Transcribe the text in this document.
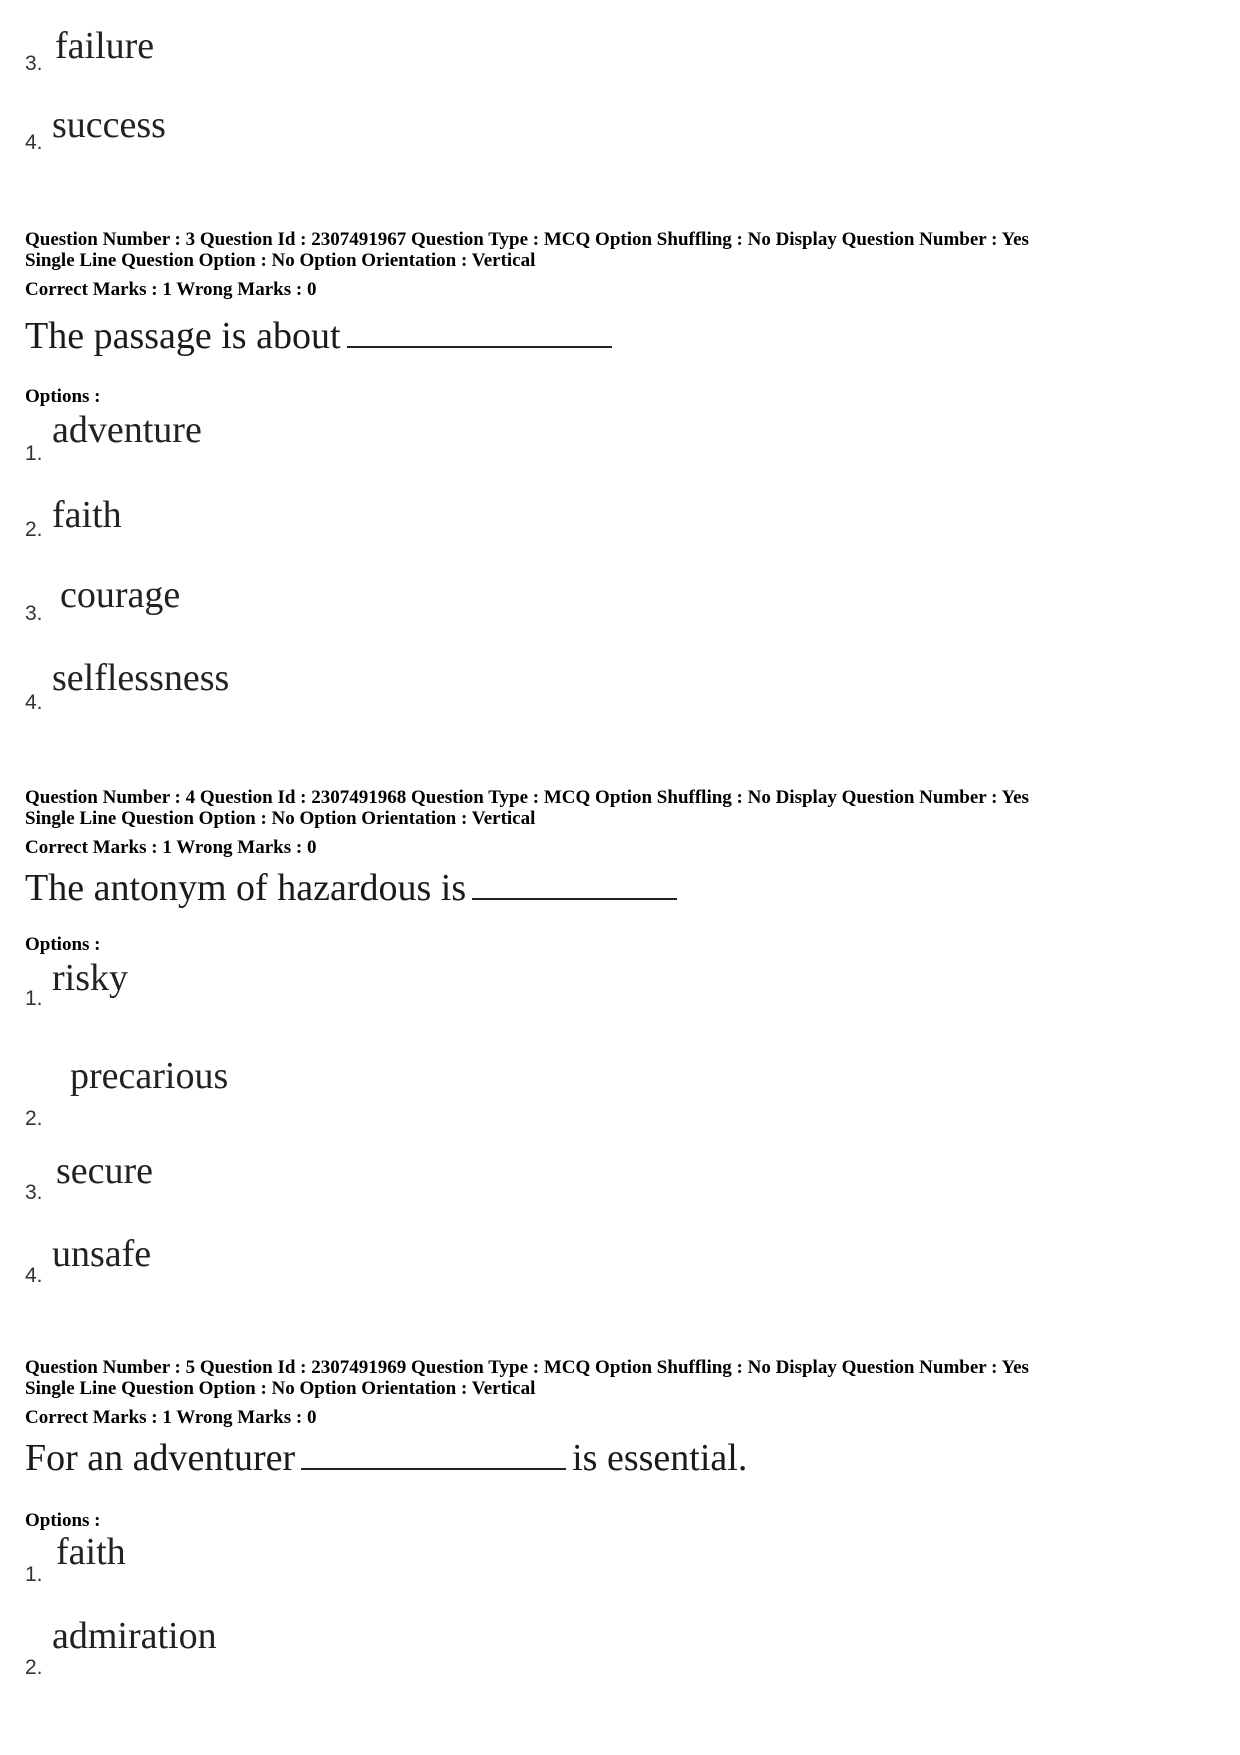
3. failure
4. success
Question Number : 3 Question Id : 2307491967 Question Type : MCQ Option Shuffling : No Display Question Number : Yes
Single Line Question Option : No Option Orientation : Vertical
Correct Marks : 1 Wrong Marks : 0
The passage is about
Options :
1.
adventure
2. faith
3. courage
4.
selflessness
Question Number : 4 Question Id : 2307491968 Question Type : MCQ Option Shuffling : No Display Question Number : Yes
Single Line Question Option : No Option Orientation : Vertical
Correct Marks : 1 Wrong Marks : 0
The antonym of hazardous is
Options :
1. risky
2.
precarious
3.
secure
4.
unsafe
Question Number : 5 Question Id : 2307491969 Question Type : MCQ Option Shuffling : No Display Question Number : Yes
Single Line Question Option : No Option Orientation : Vertical
Correct Marks : 1 Wrong Marks : 0
For an adventurer	is essential.
Options :
1.
faith
2.
admiration
